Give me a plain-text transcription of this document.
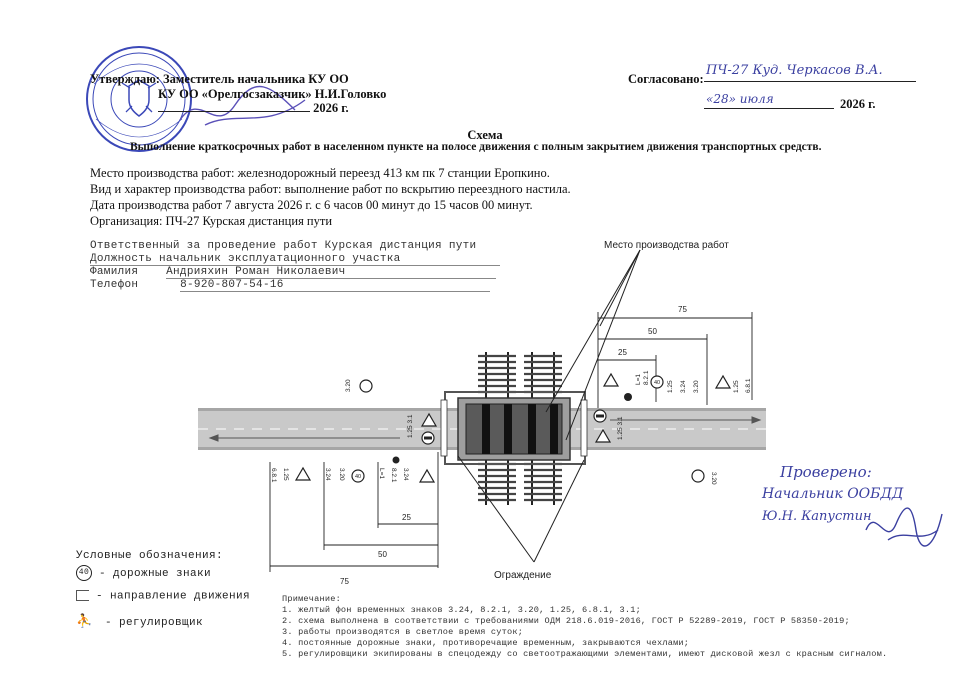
Утверждаю: Заместитель начальника КУ ОО
КУ ОО «Орелгосзаказчик» Н.И.Головко
2026 г.
Согласовано:
ПЧ-27 Куд. Черкасов В.А.
«28» июля	2026 г.
Схема
Выполнение краткосрочных работ в населенном пункте на полосе движения с полным закрытием движения транспортных средств.
Место производства работ: железнодорожный переезд 413 км пк 7 станции Еропкино.
Вид и характер производства работ: выполнение работ по вскрытию переездного настила.
Дата производства работ 7 августа 2026 г. с 6 часов 00 минут до 15 часов 00 минут.
Организация: ПЧ-27 Курская дистанция пути
Ответственный за проведение работ Курская дистанция пути
Должность начальник эксплуатационного участка
Фамилия	Андрияхин Роман Николаевич
Телефон	8-920-807-54-16
Место производства работ
Ограждение
75
50
25
75
50
25
L=1 8.2.1 40 1.25 3.24 3.20	1.25 6.8.1
3.20
1.25 3.1	1.25 3.1
3.20
6.8.1 1.25	3.24 3.20 40	L=1 8.2.1 3.24
Условные обозначения:
40 - дорожные знаки
- направление движения
⛹ - регулировщик
Примечание:
1. желтый фон временных знаков 3.24, 8.2.1, 3.20, 1.25, 6.8.1, 3.1;
2. схема выполнена в соответствии с требованиями ОДМ 218.6.019-2016, ГОСТ Р 52289-2019, ГОСТ Р 58350-2019;
3. работы производятся в светлое время суток;
4. постоянные дорожные знаки, противоречащие временным, закрываются чехлами;
5. регулировщики экипированы в спецодежду со светоотражающими элементами, имеют дисковой жезл с красным сигналом.
Проверено:
Начальник ООБДД
Ю.Н. Капустин
